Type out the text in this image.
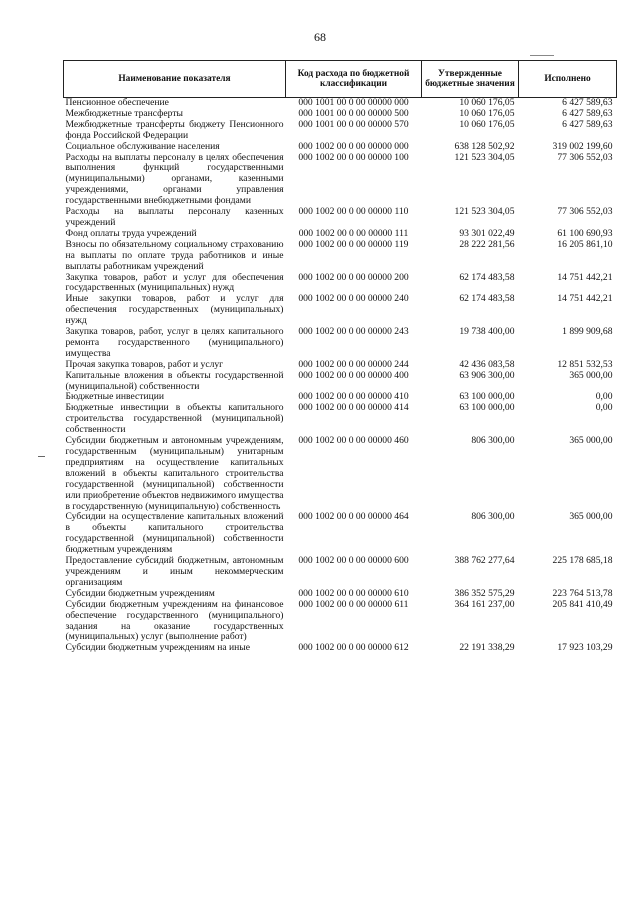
68
Наименование показателя	Код расхода по бюджетной классификации	Утвержденные бюджетные значения	Исполнено
Пенсионное обеспечение	000 1001 00 0 00 00000 000	10 060 176,05	6 427 589,63
Межбюджетные трансферты	000 1001 00 0 00 00000 500	10 060 176,05	6 427 589,63
Межбюджетные трансферты бюджету Пенсионного фонда Российской Федерации	000 1001 00 0 00 00000 570	10 060 176,05	6 427 589,63
Социальное обслуживание населения	000 1002 00 0 00 00000 000	638 128 502,92	319 002 199,60
Расходы на выплаты персоналу в целях обеспечения выполнения функций государственными (муниципальными) органами, казенными учреждениями, органами управления государственными внебюджетными фондами	000 1002 00 0 00 00000 100	121 523 304,05	77 306 552,03
Расходы на выплаты персоналу казенных учреждений	000 1002 00 0 00 00000 110	121 523 304,05	77 306 552,03
Фонд оплаты труда учреждений	000 1002 00 0 00 00000 111	93 301 022,49	61 100 690,93
Взносы по обязательному социальному страхованию на выплаты по оплате труда работников и иные выплаты работникам учреждений	000 1002 00 0 00 00000 119	28 222 281,56	16 205 861,10
Закупка товаров, работ и услуг для обеспечения государственных (муниципальных) нужд	000 1002 00 0 00 00000 200	62 174 483,58	14 751 442,21
Иные закупки товаров, работ и услуг для обеспечения государственных (муниципальных) нужд	000 1002 00 0 00 00000 240	62 174 483,58	14 751 442,21
Закупка товаров, работ, услуг в целях капитального ремонта государственного (муниципального) имущества	000 1002 00 0 00 00000 243	19 738 400,00	1 899 909,68
Прочая закупка товаров, работ и услуг	000 1002 00 0 00 00000 244	42 436 083,58	12 851 532,53
Капитальные вложения в объекты государственной (муниципальной) собственности	000 1002 00 0 00 00000 400	63 906 300,00	365 000,00
Бюджетные инвестиции	000 1002 00 0 00 00000 410	63 100 000,00	0,00
Бюджетные инвестиции в объекты капитального строительства государственной (муниципальной) собственности	000 1002 00 0 00 00000 414	63 100 000,00	0,00
Субсидии бюджетным и автономным учреждениям, государственным (муниципальным) унитарным предприятиям на осуществление капитальных вложений в объекты капитального строительства государственной (муниципальной) собственности или приобретение объектов недвижимого имущества в государственную (муниципальную) собственность	000 1002 00 0 00 00000 460	806 300,00	365 000,00
Субсидии на осуществление капитальных вложений в объекты капитального строительства государственной (муниципальной) собственности бюджетным учреждениям	000 1002 00 0 00 00000 464	806 300,00	365 000,00
Предоставление субсидий бюджетным, автономным учреждениям и иным некоммерческим организациям	000 1002 00 0 00 00000 600	388 762 277,64	225 178 685,18
Субсидии бюджетным учреждениям	000 1002 00 0 00 00000 610	386 352 575,29	223 764 513,78
Субсидии бюджетным учреждениям на финансовое обеспечение государственного (муниципального) задания на оказание государственных (муниципальных) услуг (выполнение работ)	000 1002 00 0 00 00000 611	364 161 237,00	205 841 410,49
Субсидии бюджетным учреждениям на иные	000 1002 00 0 00 00000 612	22 191 338,29	17 923 103,29
